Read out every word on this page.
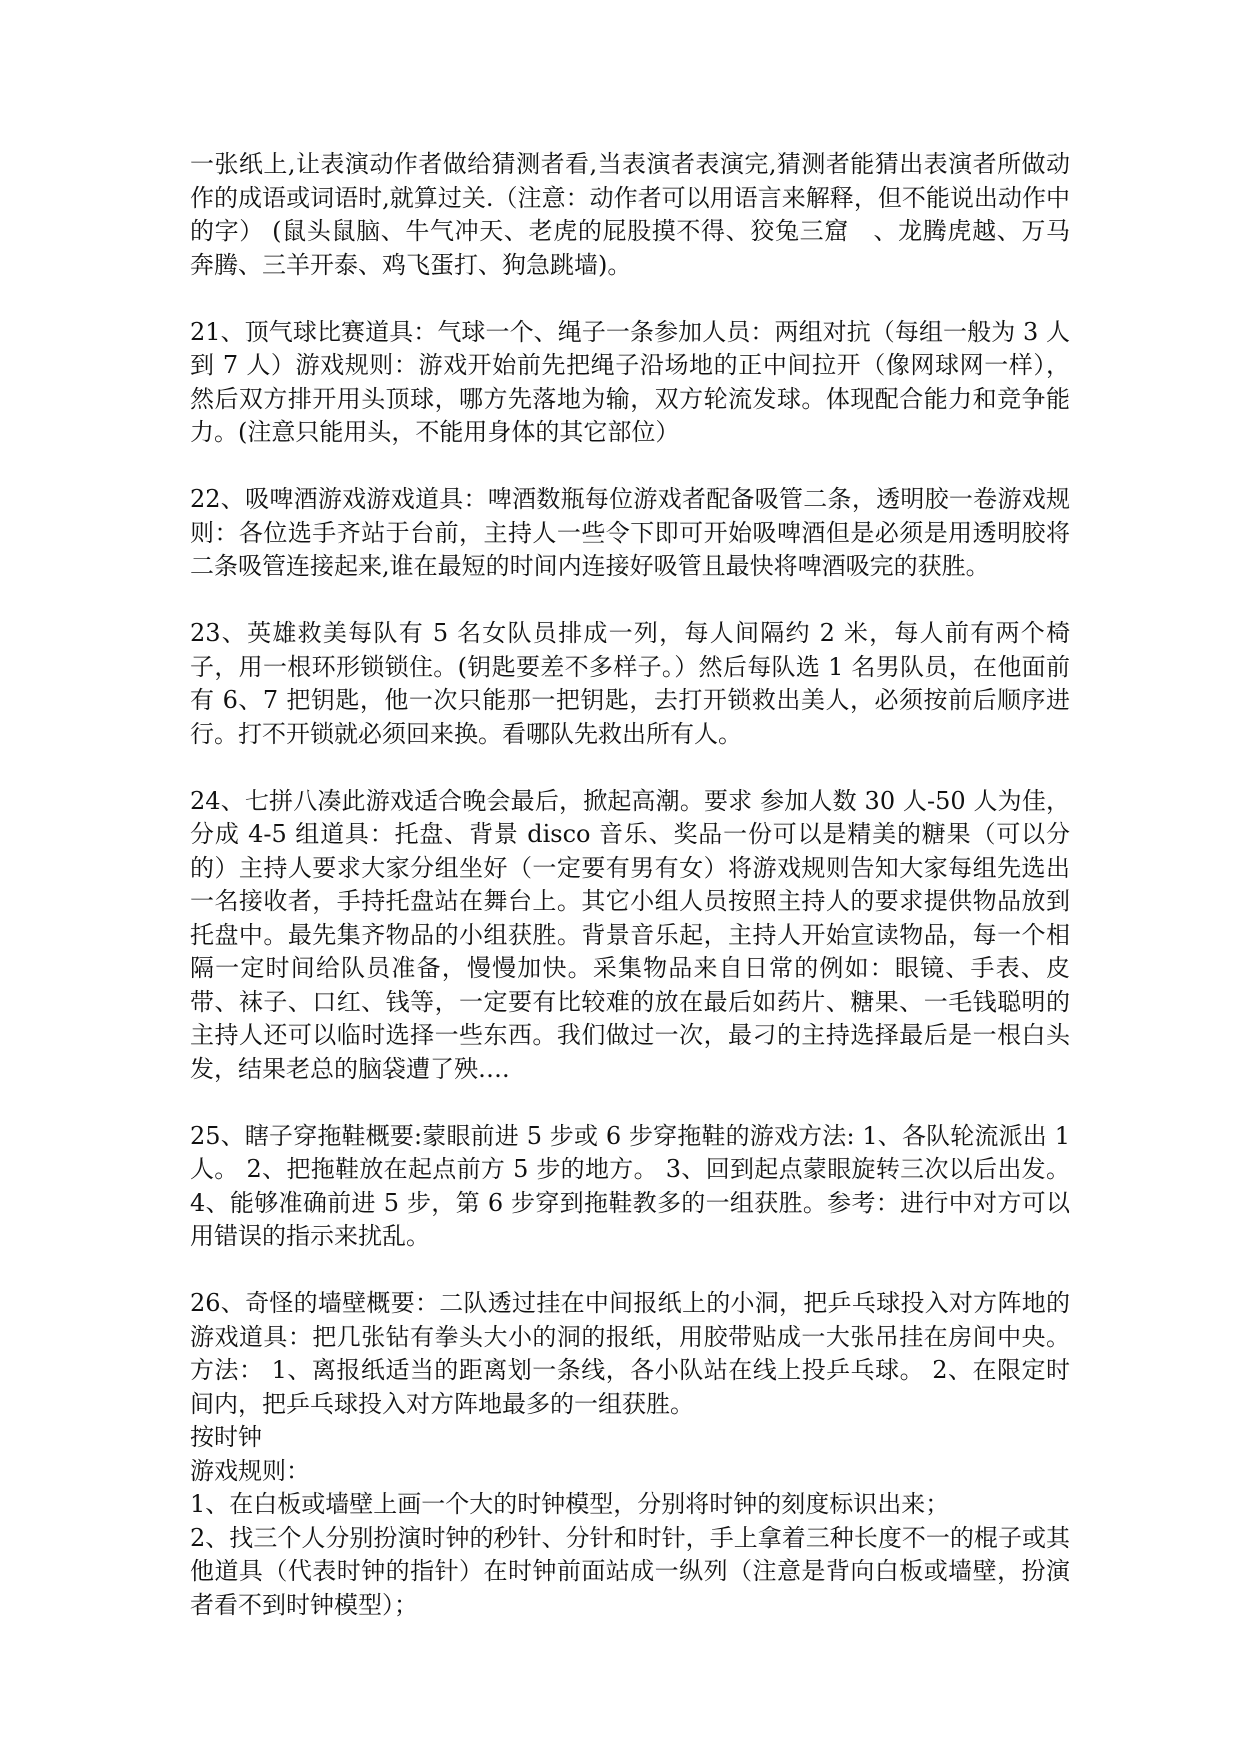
一张纸上,让表演动作者做给猜测者看,当表演者表演完,猜测者能猜出表演者所做动作的成语或词语时,就算过关.（注意：动作者可以用语言来解释，但不能说出动作中的字） (鼠头鼠脑、牛气冲天、老虎的屁股摸不得、狡兔三窟　、龙腾虎越、万马奔腾、三羊开泰、鸡飞蛋打、狗急跳墙)。

21、顶气球比赛道具：气球一个、绳子一条参加人员：两组对抗（每组一般为 3 人到 7 人）游戏规则：游戏开始前先把绳子沿场地的正中间拉开（像网球网一样），然后双方排开用头顶球，哪方先落地为输，双方轮流发球。体现配合能力和竞争能力。(注意只能用头，不能用身体的其它部位）

22、吸啤酒游戏游戏道具：啤酒数瓶每位游戏者配备吸管二条，透明胶一卷游戏规则：各位选手齐站于台前，主持人一些令下即可开始吸啤酒但是必须是用透明胶将二条吸管连接起来,谁在最短的时间内连接好吸管且最快将啤酒吸完的获胜。

23、英雄救美每队有 5 名女队员排成一列，每人间隔约 2 米，每人前有两个椅子，用一根环形锁锁住。(钥匙要差不多样子。）然后每队选 1 名男队员，在他面前有 6、7 把钥匙，他一次只能那一把钥匙，去打开锁救出美人，必须按前后顺序进行。打不开锁就必须回来换。看哪队先救出所有人。

24、七拼八凑此游戏适合晚会最后，掀起高潮。要求 参加人数 30 人-50 人为佳，分成 4-5 组道具：托盘、背景 disco 音乐、奖品一份可以是精美的糖果（可以分的）主持人要求大家分组坐好（一定要有男有女）将游戏规则告知大家每组先选出一名接收者，手持托盘站在舞台上。其它小组人员按照主持人的要求提供物品放到托盘中。最先集齐物品的小组获胜。背景音乐起，主持人开始宣读物品，每一个相隔一定时间给队员准备，慢慢加快。采集物品来自日常的例如：眼镜、手表、皮带、袜子、口红、钱等，一定要有比较难的放在最后如药片、糖果、一毛钱聪明的主持人还可以临时选择一些东西。我们做过一次，最刁的主持选择最后是一根白头发，结果老总的脑袋遭了殃….

25、瞎子穿拖鞋概要:蒙眼前进 5 步或 6 步穿拖鞋的游戏方法: 1、各队轮流派出 1 人。 2、把拖鞋放在起点前方 5 步的地方。 3、回到起点蒙眼旋转三次以后出发。4、能够准确前进 5 步，第 6 步穿到拖鞋教多的一组获胜。参考：进行中对方可以用错误的指示来扰乱。

26、奇怪的墙壁概要：二队透过挂在中间报纸上的小洞，把乒乓球投入对方阵地的游戏道具：把几张钻有拳头大小的洞的报纸，用胶带贴成一大张吊挂在房间中央。方法： 1、离报纸适当的距离划一条线，各小队站在线上投乒乓球。 2、在限定时间内，把乒乓球投入对方阵地最多的一组获胜。

按时钟

游戏规则：

1、在白板或墙壁上画一个大的时钟模型，分别将时钟的刻度标识出来；

2、找三个人分别扮演时钟的秒针、分针和时针，手上拿着三种长度不一的棍子或其他道具（代表时钟的指针）在时钟前面站成一纵列（注意是背向白板或墙壁，扮演者看不到时钟模型）；
